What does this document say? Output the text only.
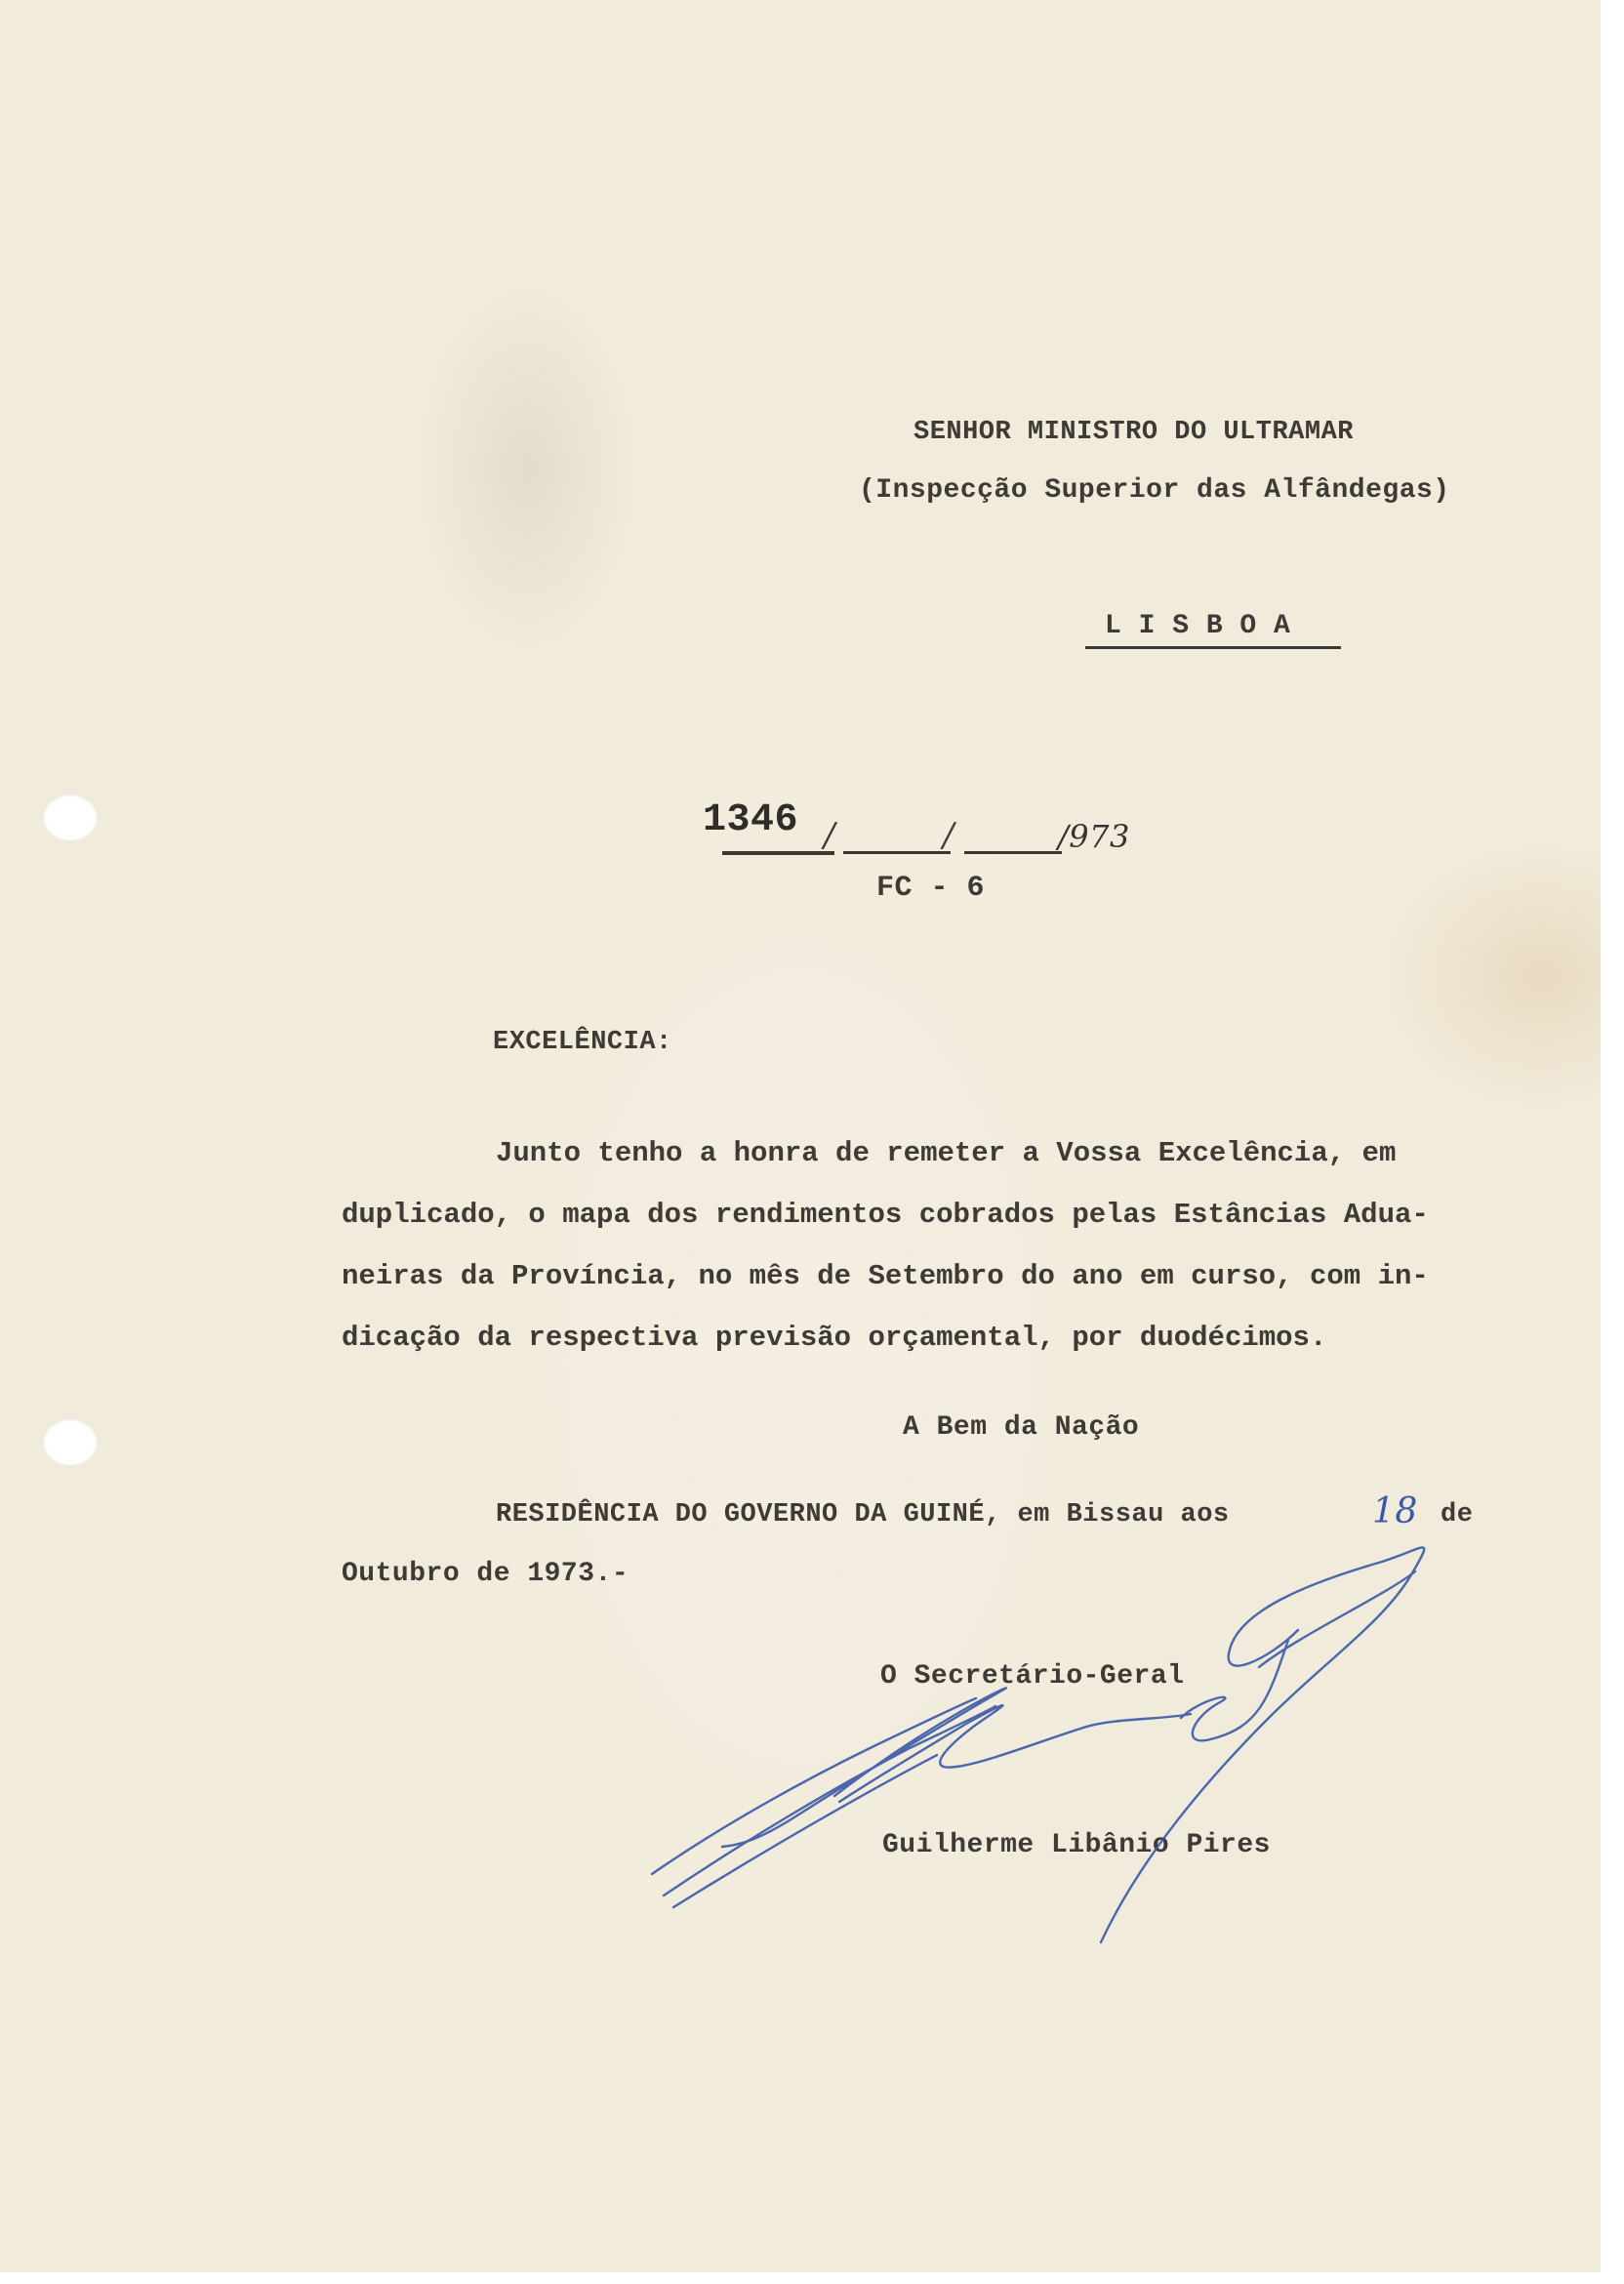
SENHOR MINISTRO DO ULTRAMAR
(Inspecção Superior das Alfândegas)
L I S B O A
1346 /	/	/973
FC - 6
EXCELÊNCIA:

Junto tenho a honra de remeter a Vossa Excelência, em

duplicado, o mapa dos rendimentos cobrados pelas Estâncias Adua-

neiras da Província, no mês de Setembro do ano em curso, com in-

dicação da respectiva previsão orçamental, por duodécimos.

A Bem da Nação
RESIDÊNCIA DO GOVERNO DA GUINÉ, em Bissau aos	18 de
Outubro de 1973.-
O Secretário-Geral
Guilherme Libânio Pires
